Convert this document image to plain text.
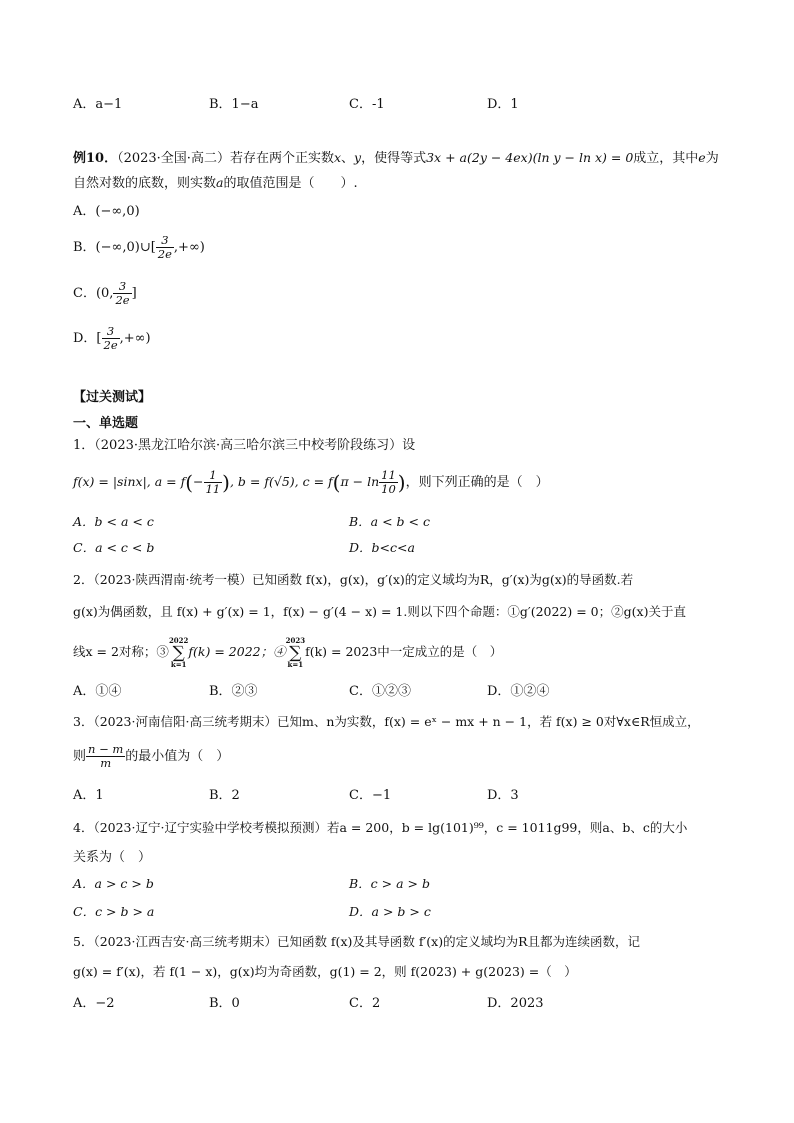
A．a−1	B．1−a	C．-1	D．1
例10．（2023·全国·高二）若存在两个正实数x、y，使得等式3x + a(2y − 4ex)(ln y − ln x) = 0成立，其中e为
自然对数的底数，则实数a的取值范围是（　　）.
A．(−∞,0)
B．(−∞,0)∪[ $\frac{3}{2e}$ ,+∞)
C．(0, $\frac{3}{2e}$ ]
D．[ $\frac{3}{2e}$ ,+∞)
【过关测试】
一、单选题
1．（2023·黑龙江哈尔滨·高三哈尔滨三中校考阶段练习）设
f(x) = |sinx|, $a = f(- \frac{1}{11}$ ), b = f(√5), $c = f(\pi - \ln \frac{11}{10}$ )，则下列正确的是（　）
A．b < a < c	B．a < b < c
C．a < c < b	D．b<c<a
2．（2023·陕西渭南·统考一模）已知函数 f(x)，g(x)，g′(x)的定义域均为R，g′(x)为g(x)的导函数.若
g(x)为偶函数，且 f(x) + g′(x) = 1，f(x) − g′(4 − x) = 1.则以下四个命题：①g′(2022) = 0；②g(x)关于直
线x = 2对称；③
2022
∑
k=1
f(k) = 2022；④
2023
∑
k=1
f(k) = 2023中一定成立的是（　）
A．①④	B．②③	C．①②③	D．①②④
3．（2023·河南信阳·高三统考期末）已知m、n为实数，f(x) = eˣ − mx + n − 1，若 f(x) ≥ 0对∀x∈R恒成立，
则 $\frac{n - m}{m}$ 的最小值为（　）
A．1	B．2	C．−1	D．3
4．（2023·辽宁·辽宁实验中学校考模拟预测）若a = 200，b = lg(101)⁹⁹，c = 1011g99，则a、b、c的大小
关系为（　）
A．a > c > b	B．c > a > b
C．c > b > a	D．a > b > c
5．（2023·江西吉安·高三统考期末）已知函数 f(x)及其导函数 f′(x)的定义域均为R且都为连续函数，记
g(x) = f′(x)，若 f(1 − x)，g(x)均为奇函数，g(1) = 2，则 f(2023) + g(2023) =（　）
A．−2	B．0	C．2	D．2023
